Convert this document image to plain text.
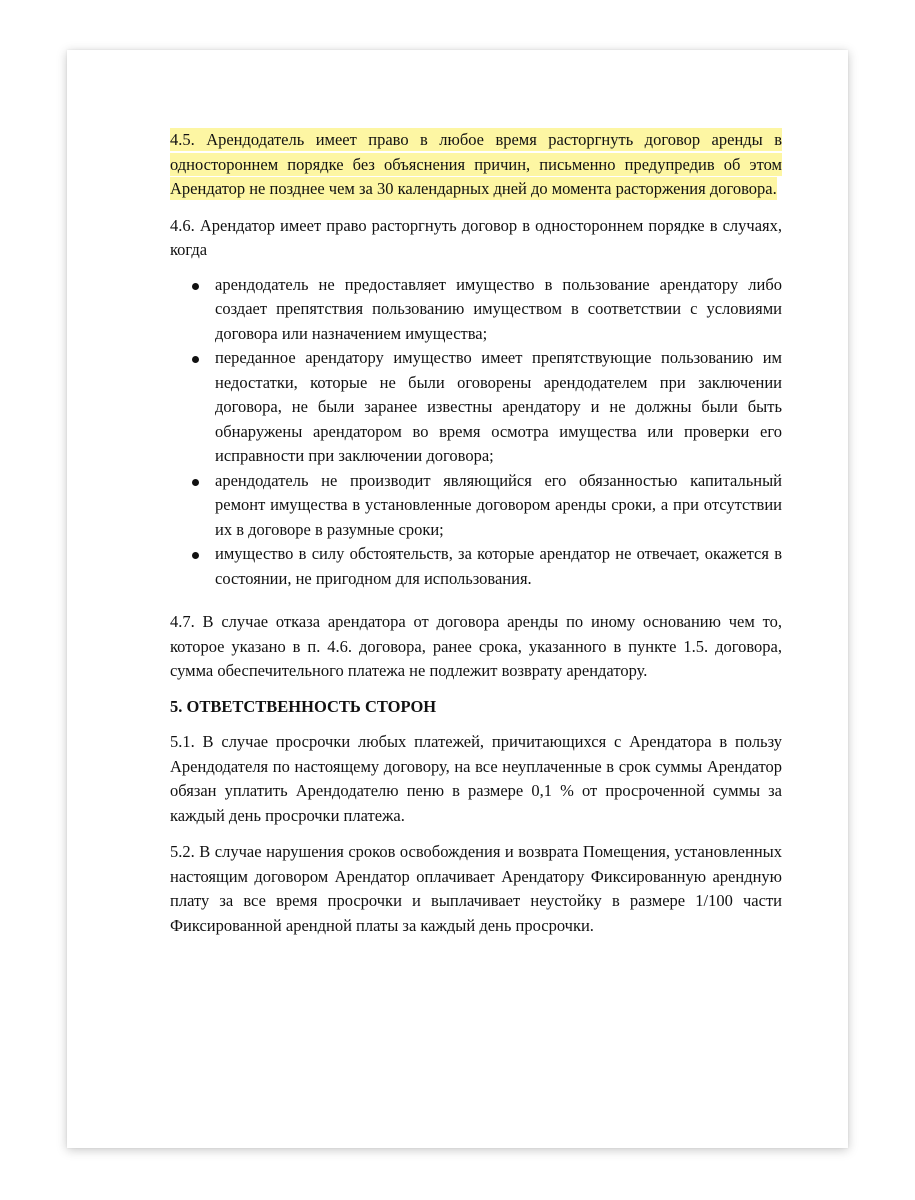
4.5. Арендодатель имеет право в любое время расторгнуть договор аренды в одностороннем порядке без объяснения причин, письменно предупредив об этом Арендатор не позднее чем за 30 календарных дней до момента расторжения договора.

4.6. Арендатор имеет право расторгнуть договор в одностороннем порядке в случаях, когда

арендодатель не предоставляет имущество в пользование арендатору либо создает препятствия пользованию имуществом в соответствии с условиями договора или назначением имущества;
переданное арендатору имущество имеет препятствующие пользованию им недостатки, которые не были оговорены арендодателем при заключении договора, не были заранее известны арендатору и не должны были быть обнаружены арендатором во время осмотра имущества или проверки его исправности при заключении договора;
арендодатель не производит являющийся его обязанностью капитальный ремонт имущества в установленные договором аренды сроки, а при отсутствии их в договоре в разумные сроки;
имущество в силу обстоятельств, за которые арендатор не отвечает, окажется в состоянии, не пригодном для использования.

4.7. В случае отказа арендатора от договора аренды по иному основанию чем то, которое указано в п. 4.6. договора, ранее срока, указанного в пункте 1.5. договора, сумма обеспечительного платежа не подлежит возврату арендатору.

5. ОТВЕТСТВЕННОСТЬ СТОРОН

5.1. В случае просрочки любых платежей, причитающихся с Арендатора в пользу Арендодателя по настоящему договору, на все неуплаченные в срок суммы Арендатор обязан уплатить Арендодателю пеню в размере 0,1 % от просроченной суммы за каждый день просрочки платежа.

5.2. В случае нарушения сроков освобождения и возврата Помещения, установленных настоящим договором Арендатор оплачивает Арендатору Фиксированную арендную плату за все время просрочки и выплачивает неустойку в размере 1/100 части Фиксированной арендной платы за каждый день просрочки.
